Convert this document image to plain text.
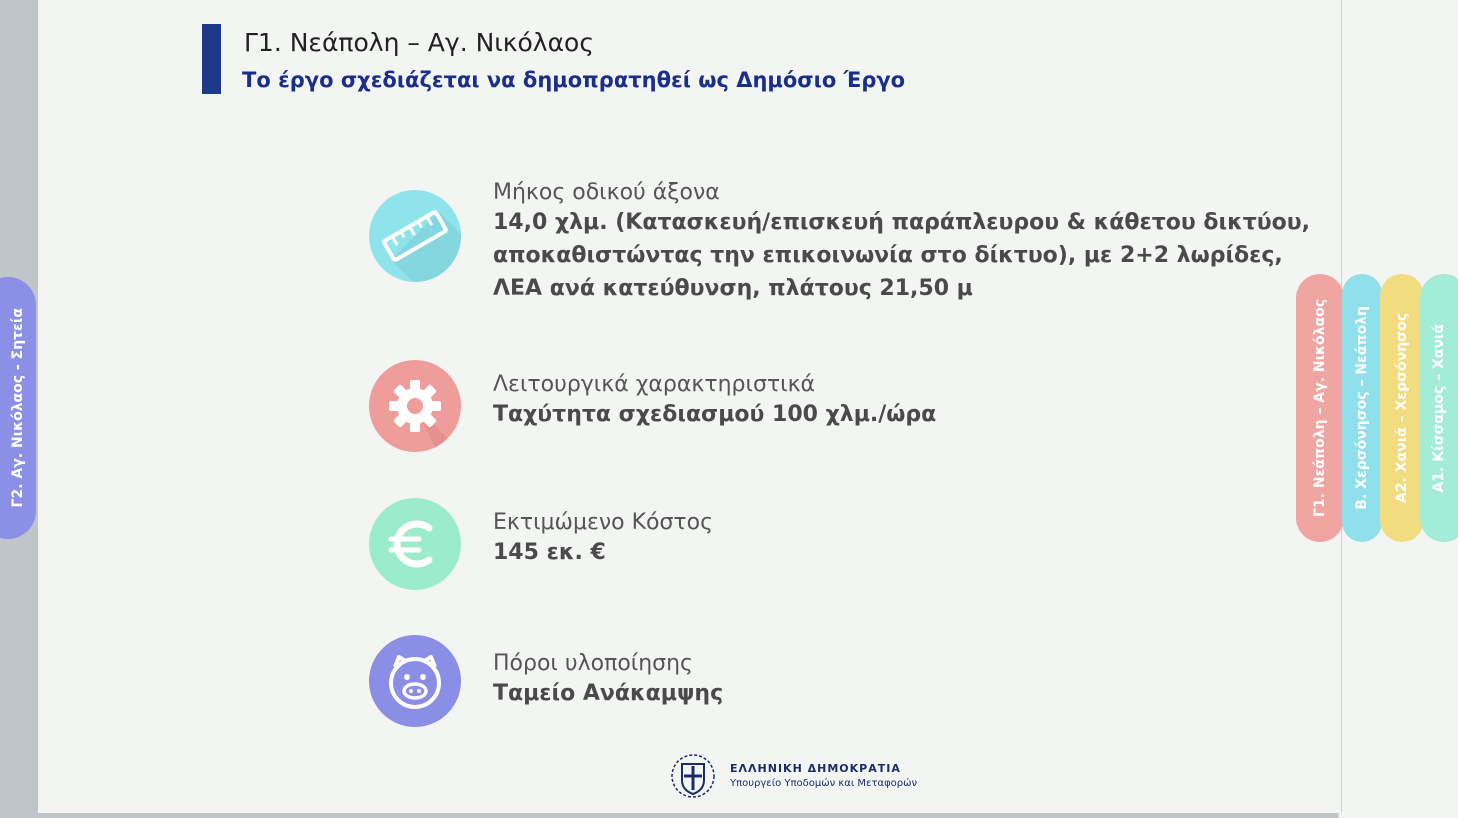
Γ1. Νεάπολη – Αγ. Νικόλαος
Το έργο σχεδιάζεται να δημοπρατηθεί ως Δημόσιο Έργο
Μήκος οδικού άξονα
14,0 χλμ. (Κατασκευή/επισκευή παράπλευρου & κάθετου δικτύου,
αποκαθιστώντας την επικοινωνία στο δίκτυο), με 2+2 λωρίδες,
ΛΕΑ ανά κατεύθυνση, πλάτους 21,50 μ
Λειτουργικά χαρακτηριστικά
Ταχύτητα σχεδιασμού 100 χλμ./ώρα
Εκτιμώμενο Κόστος
145 εκ. €
Πόροι υλοποίησης
Ταμείο Ανάκαμψης
Γ2. Αγ. Νικόλαος - Σητεία	Γ1. Νεάπολη – Αγ. Νικόλαος Β. Χερσόνησος – Νεάπολη Α2. Χανιά – Χερσόνησος Α1. Κίσσαμος – Χανιά
ΕΛΛΗΝΙΚΗ ΔΗΜΟΚΡΑΤΙΑ
Υπουργείο Υποδομών και Μεταφορών
